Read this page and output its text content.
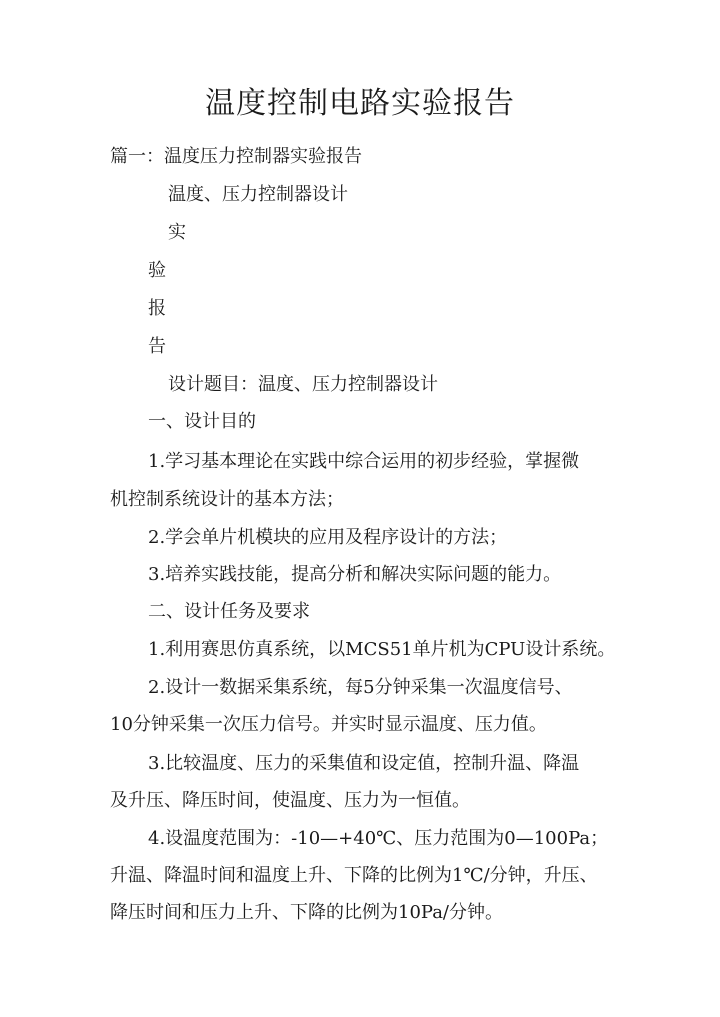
温度控制电路实验报告
篇一：温度压力控制器实验报告
温度、压力控制器设计
实
验
报
告
设计题目：温度、压力控制器设计
一、设计目的
1.学习基本理论在实践中综合运用的初步经验，掌握微
机控制系统设计的基本方法；
2.学会单片机模块的应用及程序设计的方法；
3.培养实践技能，提高分析和解决实际问题的能力。
二、设计任务及要求
1.利用赛思仿真系统，以MCS51单片机为CPU设计系统。
2.设计一数据采集系统，每5分钟采集一次温度信号、
10分钟采集一次压力信号。并实时显示温度、压力值。
3.比较温度、压力的采集值和设定值，控制升温、降温
及升压、降压时间，使温度、压力为一恒值。
4.设温度范围为：-10—+40℃、压力范围为0—100Pa；
升温、降温时间和温度上升、下降的比例为1℃/分钟，升压、
降压时间和压力上升、下降的比例为10Pa/分钟。
